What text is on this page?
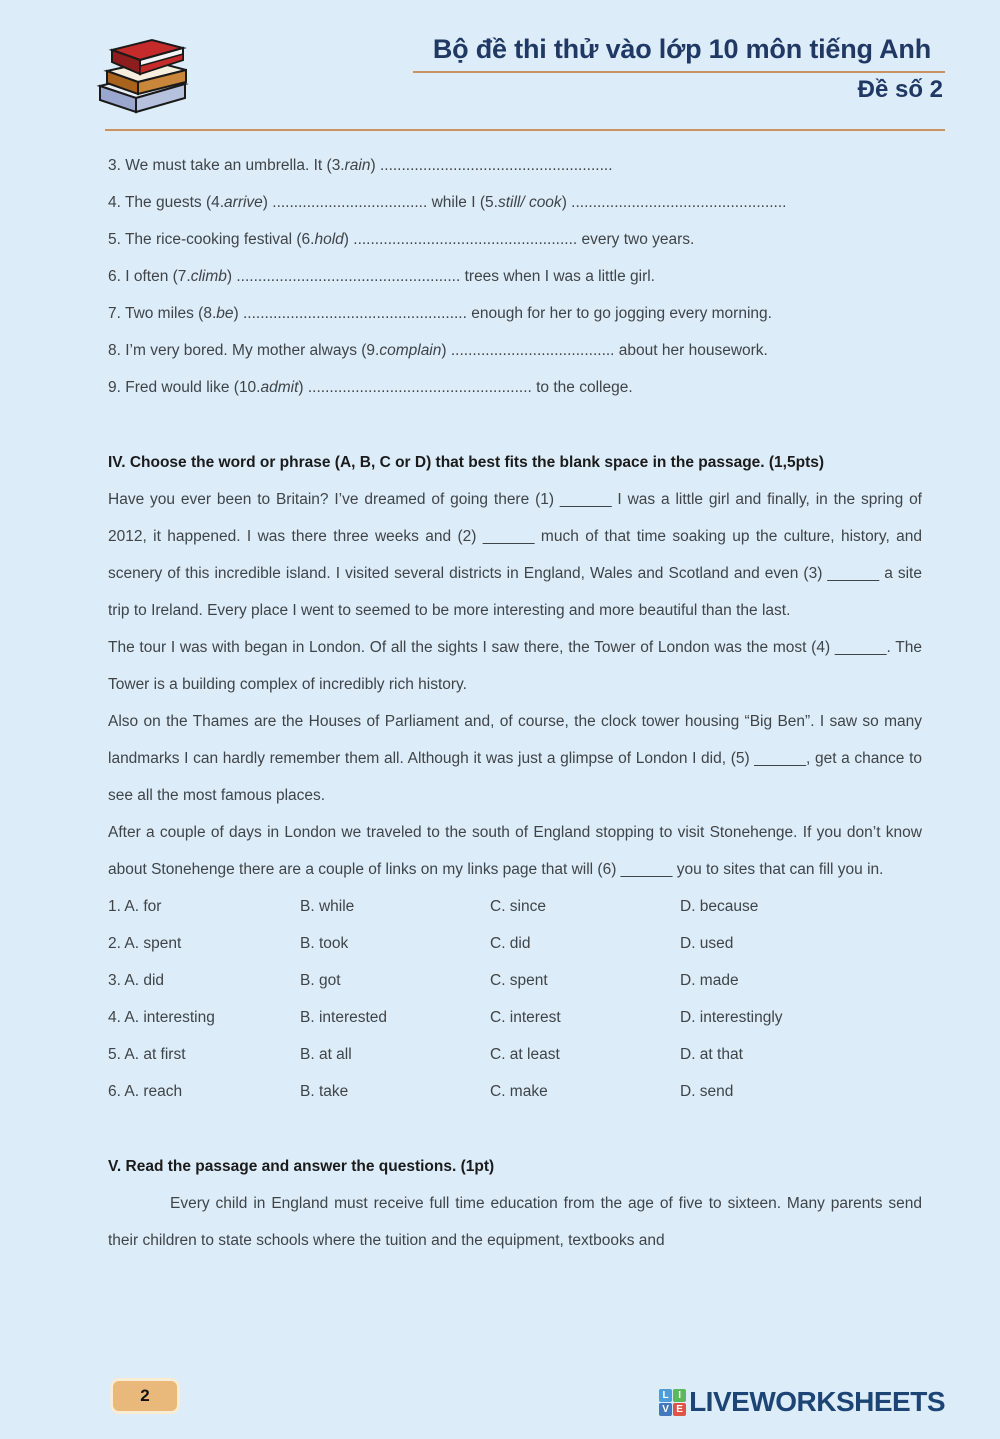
Bộ đề thi thử vào lớp 10 môn tiếng Anh
Đề số 2
3. We must take an umbrella. It (3.rain) ......................................................
4. The guests (4.arrive) .................................... while I (5.still/ cook) ..................................................
5. The rice-cooking festival (6.hold) .................................................... every two years.
6. I often (7.climb) .................................................... trees when I was a little girl.
7. Two miles (8.be) .................................................... enough for her to go jogging every morning.
8. I’m very bored. My mother always (9.complain) ...................................... about her housework.
9. Fred would like (10.admit) .................................................... to the college.
IV. Choose the word or phrase (A, B, C or D) that best fits the blank space in the passage. (1,5pts)

Have you ever been to Britain? I’ve dreamed of going there (1) ______ I was a little girl and finally, in the spring of 2012, it happened. I was there three weeks and (2) ______ much of that time soaking up the culture, history, and scenery of this incredible island. I visited several districts in England, Wales and Scotland and even (3) ______ a site trip to Ireland. Every place I went to seemed to be more interesting and more beautiful than the last.

The tour I was with began in London. Of all the sights I saw there, the Tower of London was the most (4) ______. The Tower is a building complex of incredibly rich history.

Also on the Thames are the Houses of Parliament and, of course, the clock tower housing “Big Ben”. I saw so many landmarks I can hardly remember them all. Although it was just a glimpse of London I did, (5) ______, get a chance to see all the most famous places.

After a couple of days in London we traveled to the south of England stopping to visit Stonehenge. If you don’t know about Stonehenge there are a couple of links on my links page that will (6) ______ you to sites that can fill you in.

1. A. for	B. while	C. since	D. because
2. A. spent	B. took	C. did	D. used
3. A. did	B. got	C. spent	D. made
4. A. interesting	B. interested	C. interest	D. interestingly
5. A. at first	B. at all	C. at least	D. at that
6. A. reach	B. take	C. make	D. send
V. Read the passage and answer the questions. (1pt)

Every child in England must receive full time education from the age of five to sixteen. Many parents send their children to state schools where the tuition and the equipment, textbooks and

2	L I
V E LIVEWORKSHEETS
